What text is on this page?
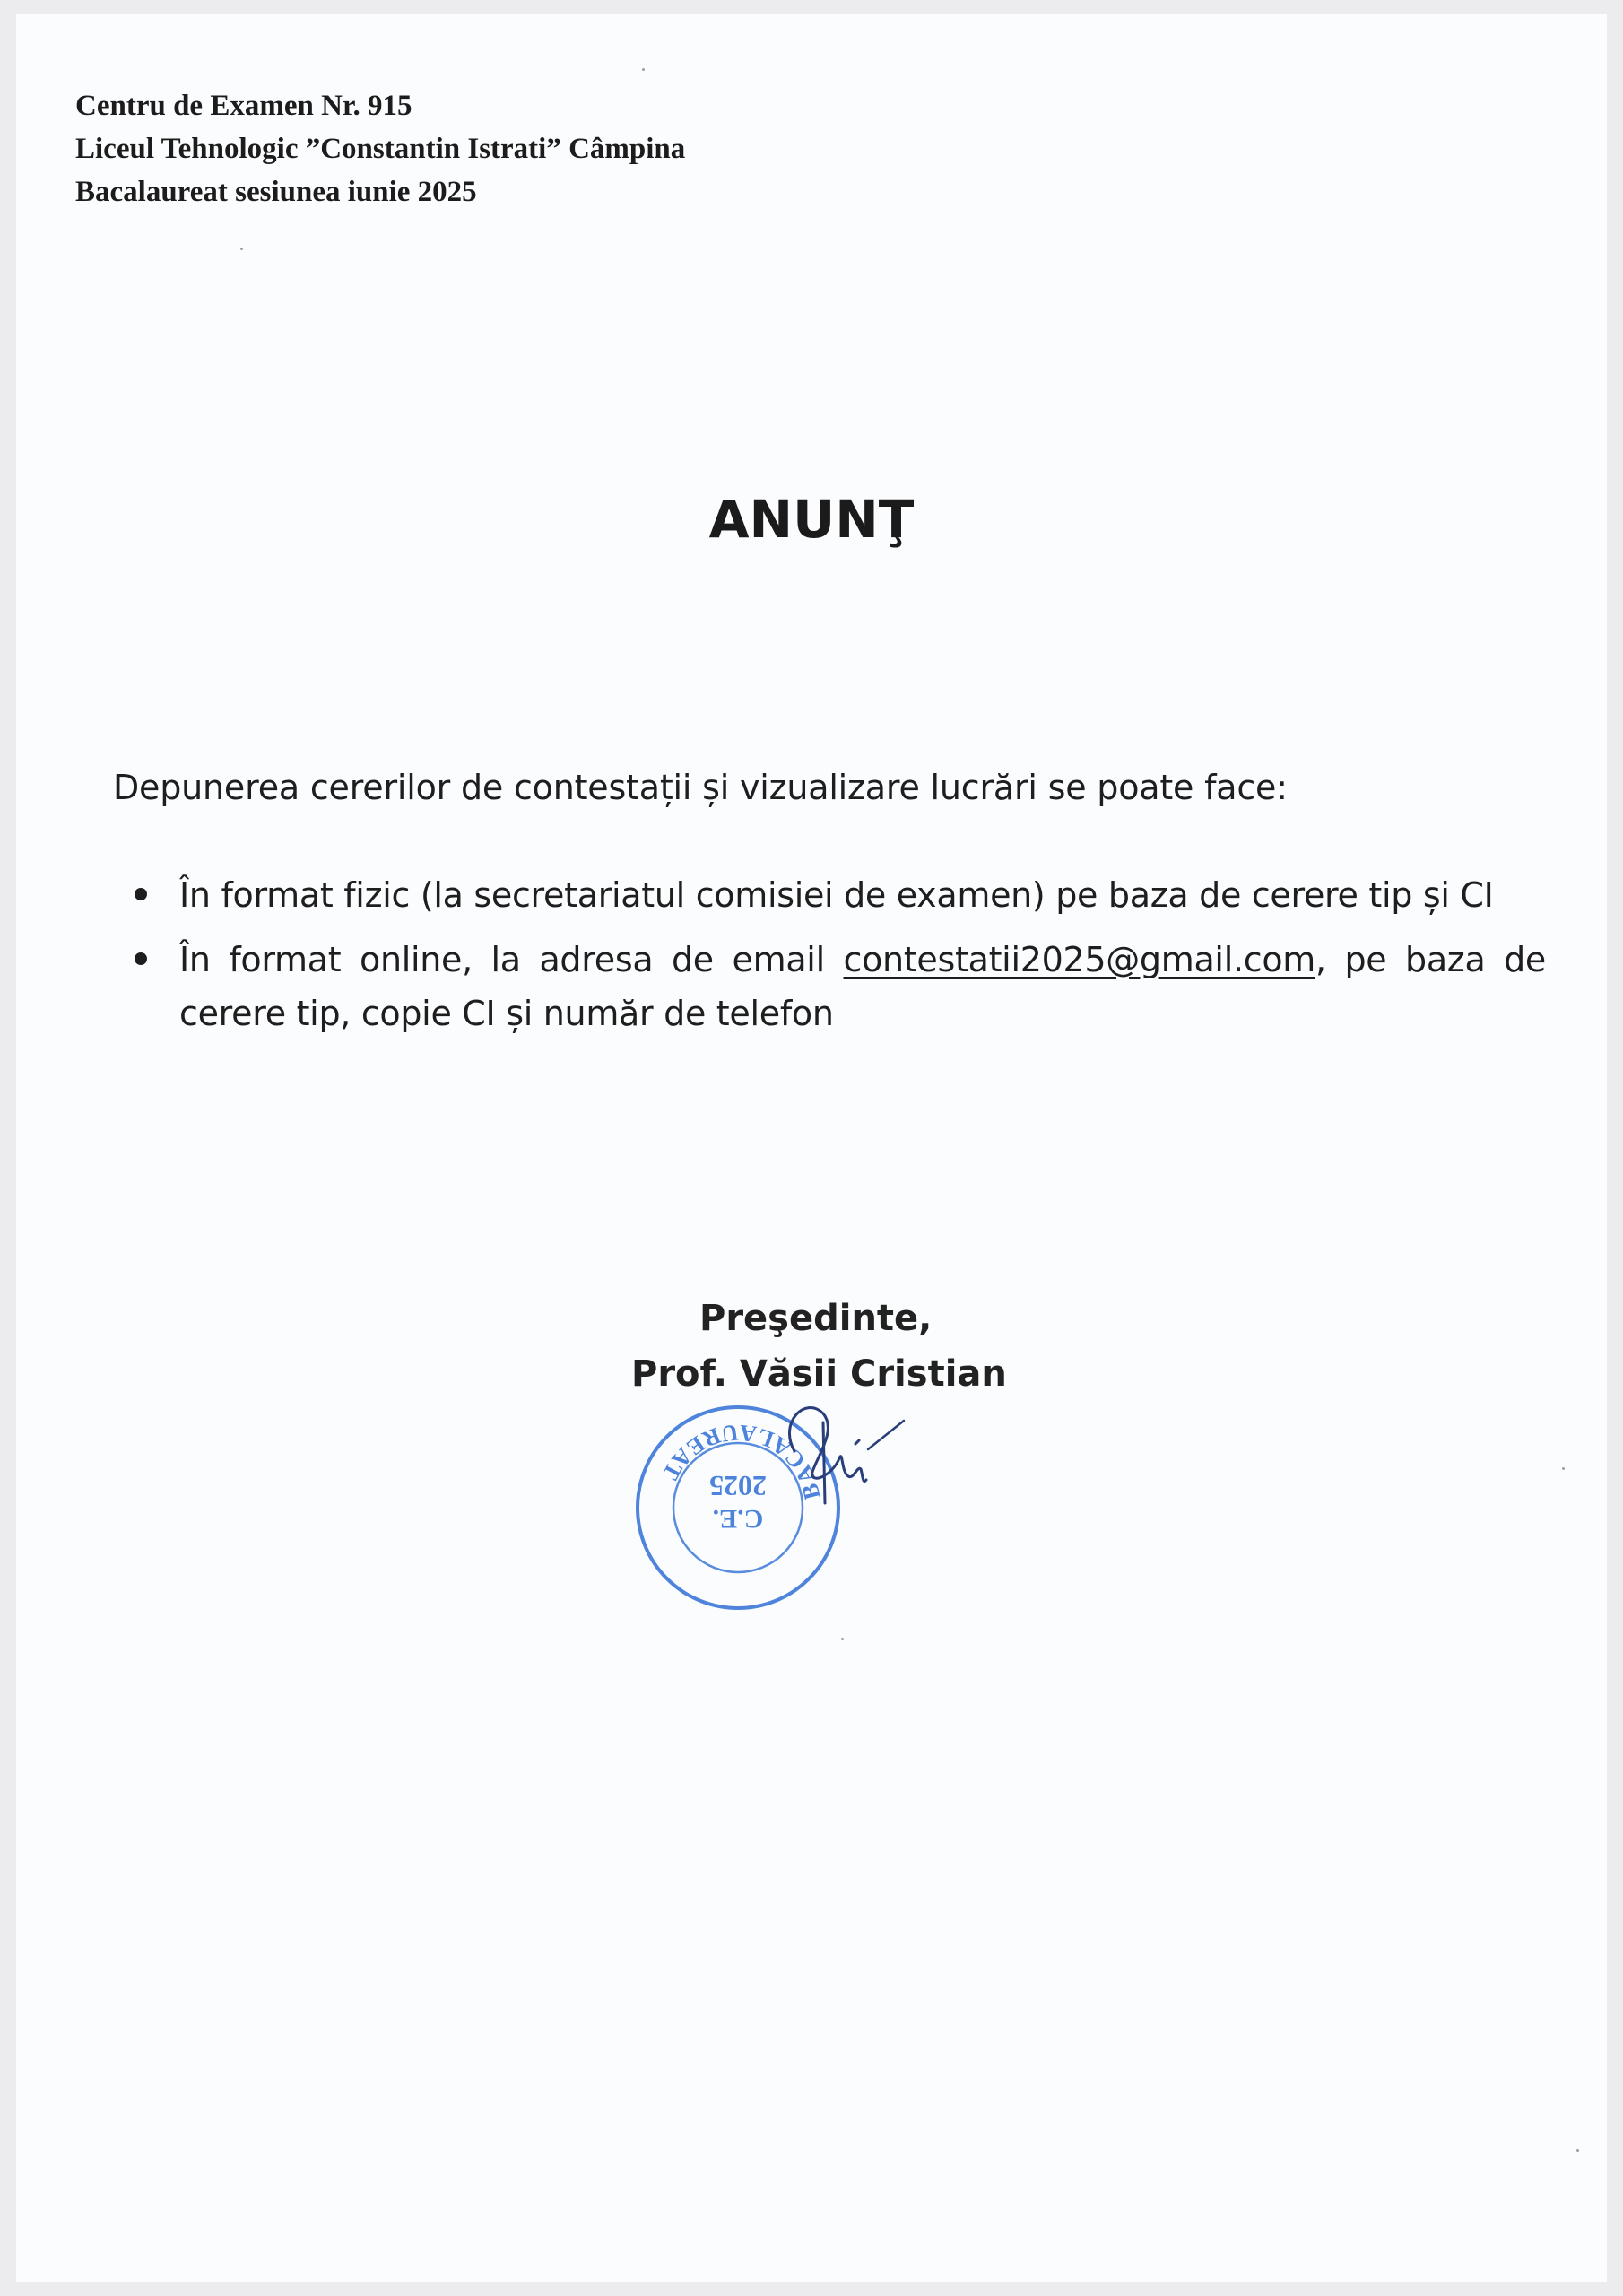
Centru de Examen Nr. 915
Liceul Tehnologic ”Constantin Istrati” Câmpina
Bacalaureat sesiunea iunie 2025
ANUNŢ
Depunerea cererilor de contestații și vizualizare lucrări se poate face:
În format fizic (la secretariatul comisiei de examen) pe baza de cerere tip și CI
În format online, la adresa de email contestatii2025@gmail.com, pe baza de cerere tip, copie CI și număr de telefon
Preşedinte,
Prof. Văsii Cristian
BACALAUREAT
C.E.
2025
